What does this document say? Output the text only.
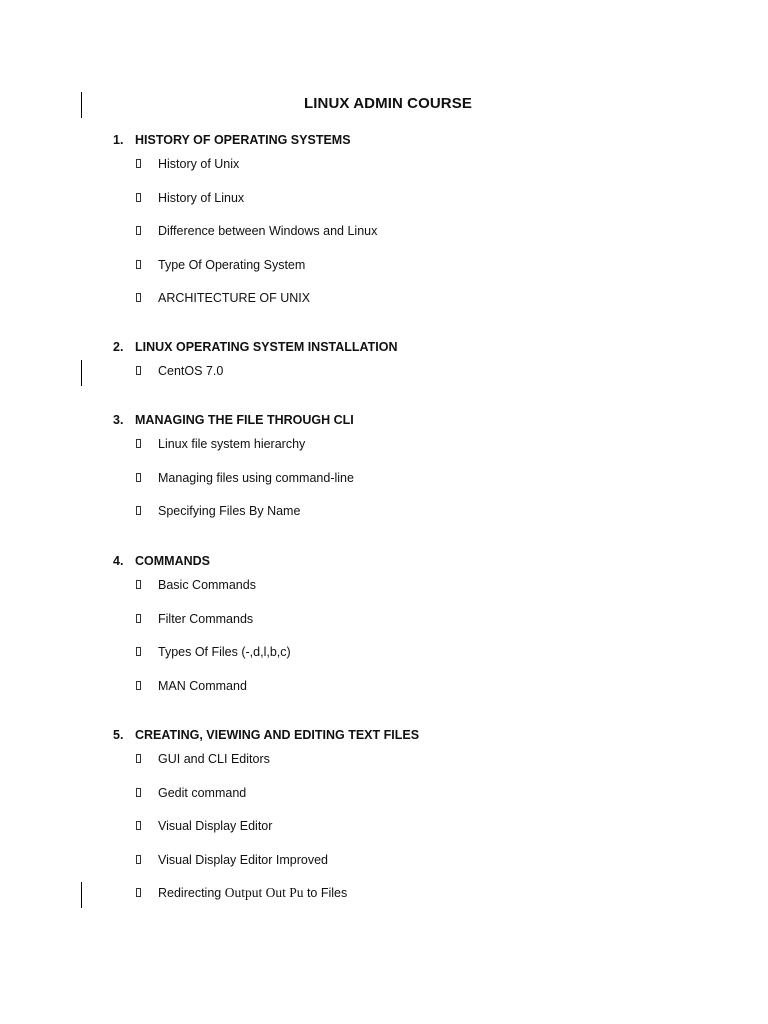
LINUX ADMIN COURSE
1. HISTORY OF OPERATING SYSTEMS
History of Unix
History of Linux
Difference between Windows and Linux
Type Of Operating System
ARCHITECTURE OF UNIX
2. LINUX OPERATING SYSTEM INSTALLATION
CentOS 7.0
3. MANAGING THE FILE THROUGH CLI
Linux file system hierarchy
Managing files using command-line
Specifying Files By Name
4. COMMANDS
Basic Commands
Filter Commands
Types Of Files (-,d,l,b,c)
MAN Command
5. CREATING, VIEWING AND EDITING TEXT FILES
GUI and CLI Editors
Gedit command
Visual Display Editor
Visual Display Editor Improved
Redirecting Output Out Pu to Files
